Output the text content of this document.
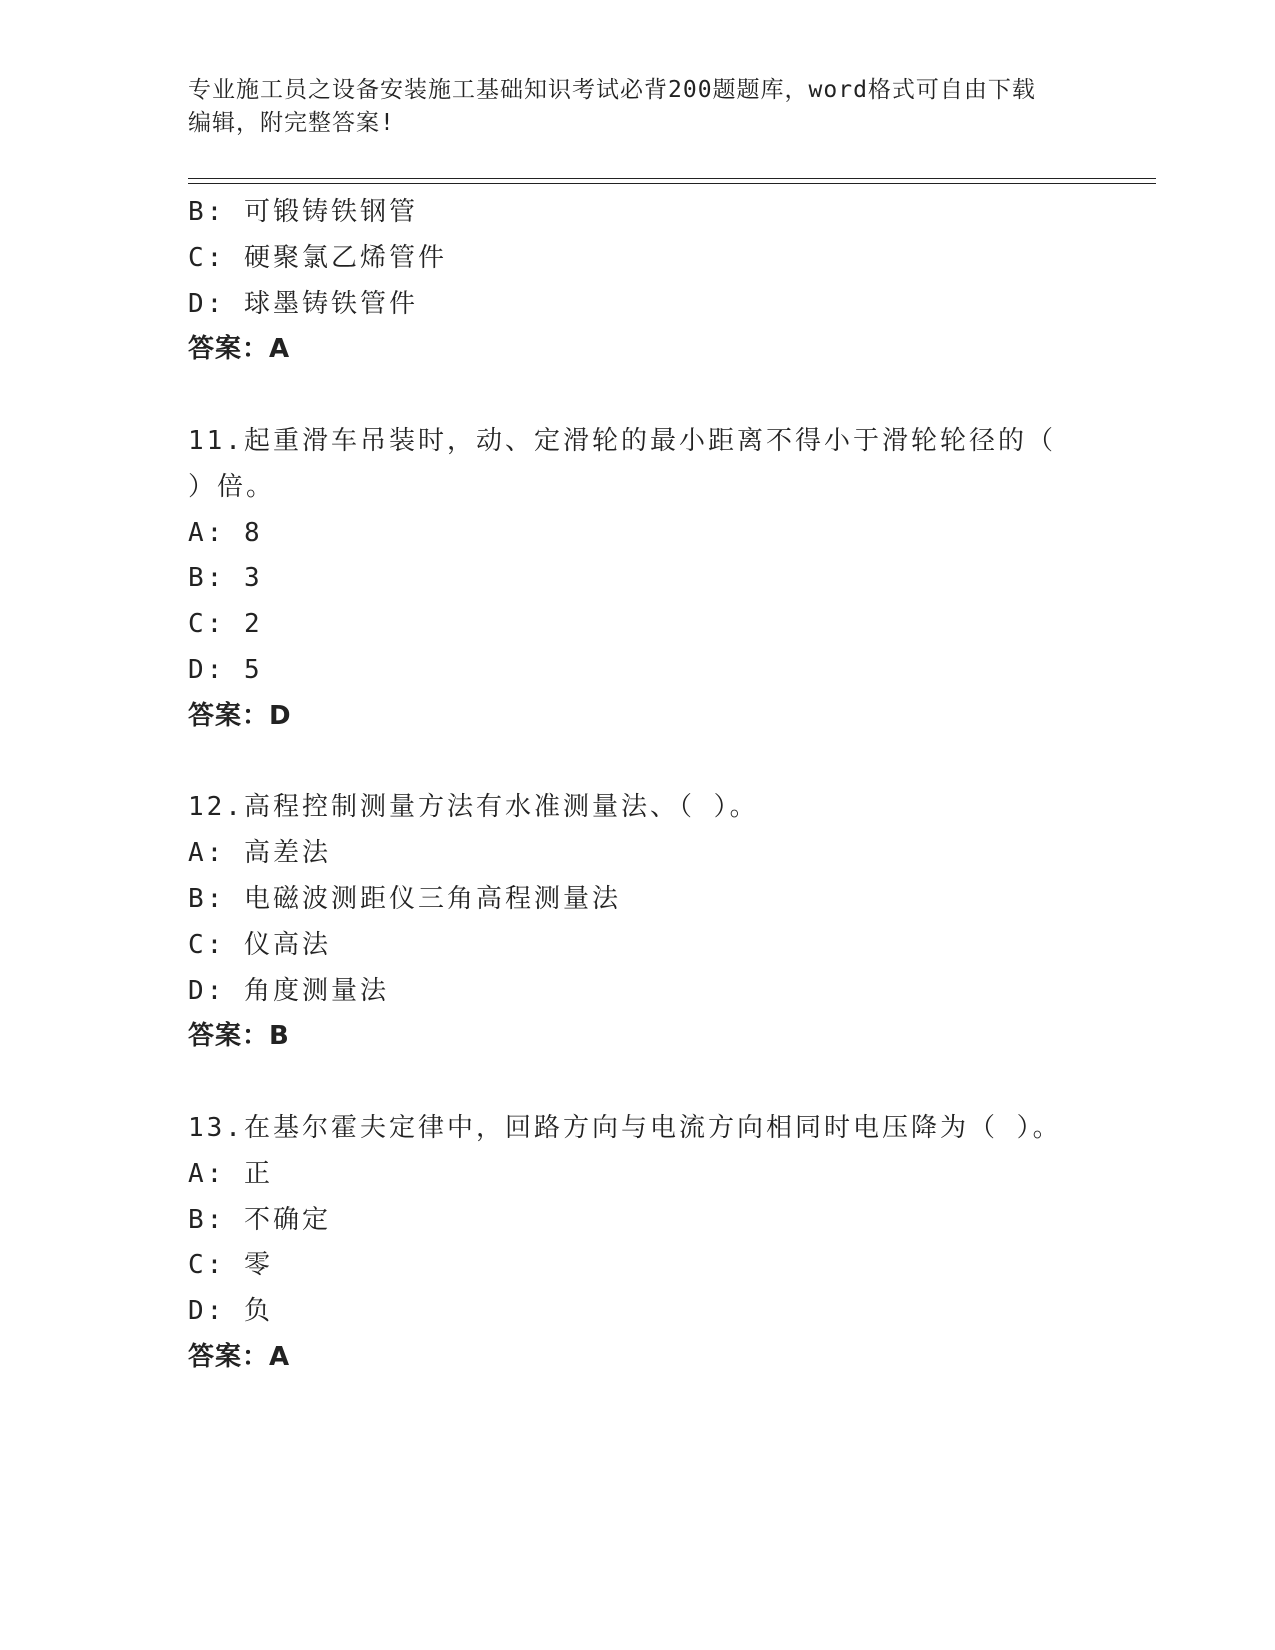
专业施工员之设备安装施工基础知识考试必背200题题库，word格式可自由下载
编辑，附完整答案!
B: 可锻铸铁钢管
C: 硬聚氯乙烯管件
D: 球墨铸铁管件
答案：A
11.起重滑车吊装时，动、定滑轮的最小距离不得小于滑轮轮径的（
）倍。
A: 8
B: 3
C: 2
D: 5
答案：D
12.高程控制测量方法有水准测量法、（ ）。
A: 高差法
B: 电磁波测距仪三角高程测量法
C: 仪高法
D: 角度测量法
答案：B
13.在基尔霍夫定律中，回路方向与电流方向相同时电压降为（ ）。
A: 正
B: 不确定
C: 零
D: 负
答案：A
